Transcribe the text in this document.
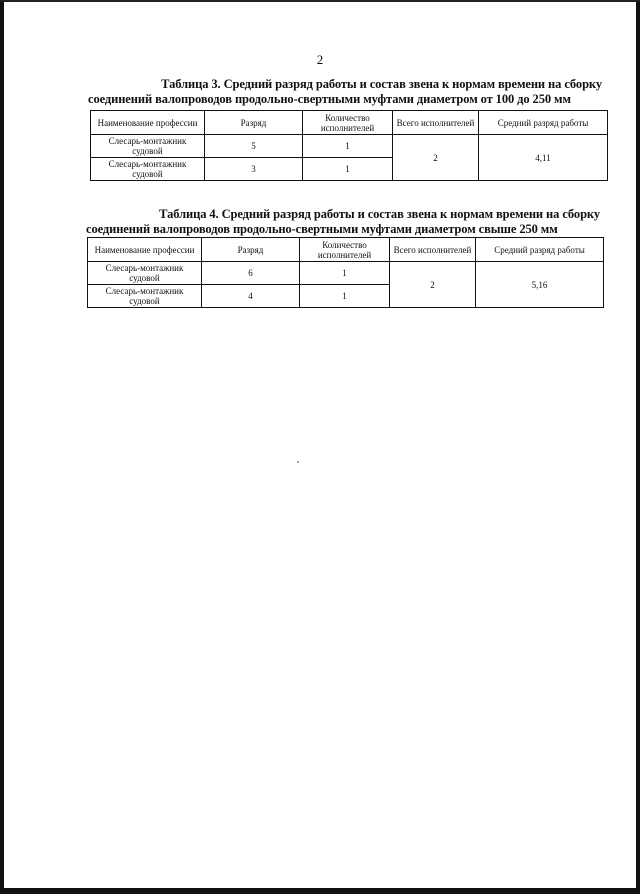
2
Таблица 3. Средний разряд работы и состав звена к нормам времени на сборку
соединений валопроводов продольно-свертными муфтами диаметром от 100 до 250 мм
Наименование профессии	Разряд	Количество исполнителей	Всего исполнителей	Средний разряд работы
Слесарь-монтажник судовой	5	1	2	4,11
Слесарь-монтажник судовой	3	1		
Таблица 4. Средний разряд работы и состав звена к нормам времени на сборку
соединений валопроводов продольно-свертными муфтами диаметром свыше 250 мм
Наименование профессии	Разряд	Количество исполнителей	Всего исполнителей	Средний разряд работы
Слесарь-монтажник судовой	6	1	2	5,16
Слесарь-монтажник судовой	4	1		
